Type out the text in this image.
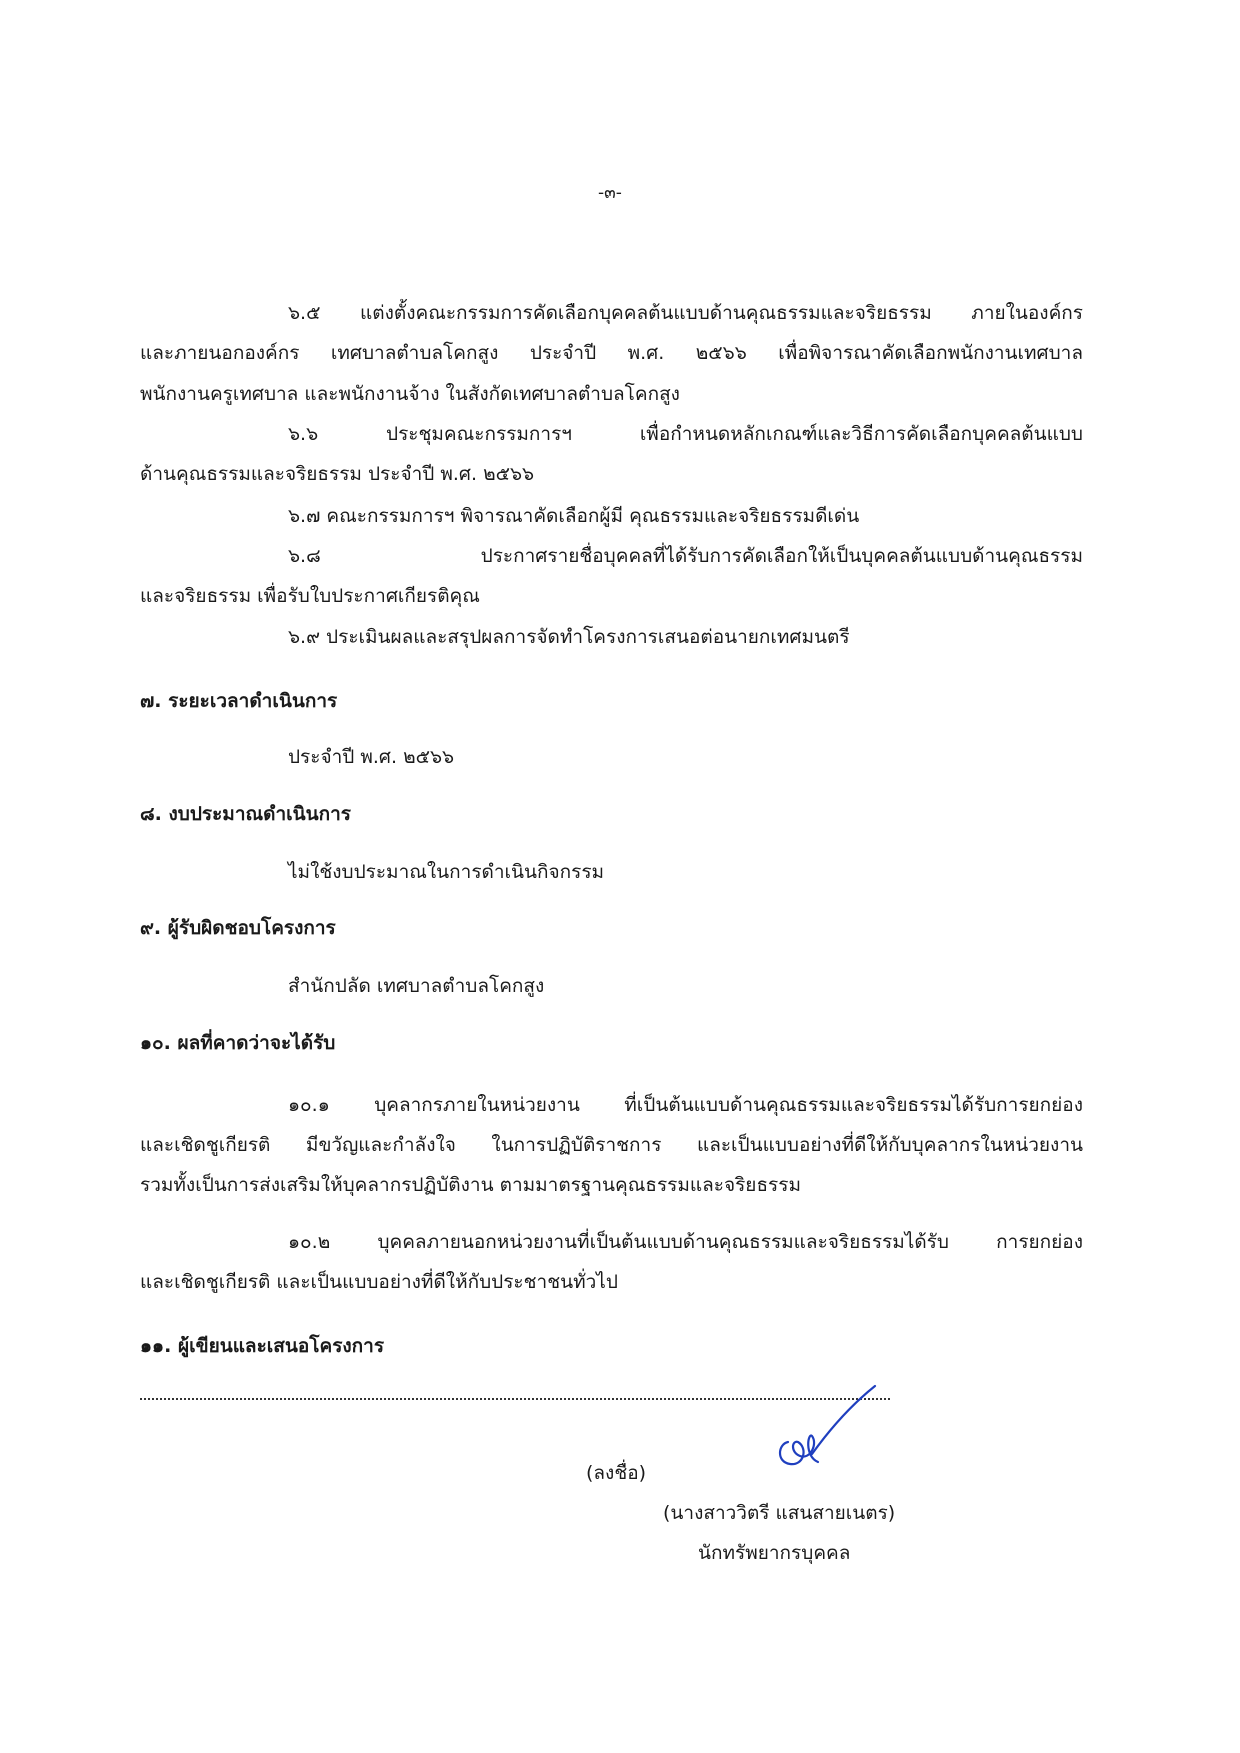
-๓-
๖.๕ แต่งตั้งคณะกรรมการคัดเลือกบุคคลต้นแบบด้านคุณธรรมและจริยธรรม ภายในองค์กร
และภายนอกองค์กร เทศบาลตำบลโคกสูง ประจำปี พ.ศ. ๒๕๖๖ เพื่อพิจารณาคัดเลือกพนักงานเทศบาล
พนักงานครูเทศบาล และพนักงานจ้าง ในสังกัดเทศบาลตำบลโคกสูง
๖.๖ ประชุมคณะกรรมการฯ เพื่อกำหนดหลักเกณฑ์และวิธีการคัดเลือกบุคคลต้นแบบ
ด้านคุณธรรมและจริยธรรม ประจำปี พ.ศ. ๒๕๖๖
๖.๗ คณะกรรมการฯ พิจารณาคัดเลือกผู้มี คุณธรรมและจริยธรรมดีเด่น
๖.๘ ประกาศรายชื่อบุคคลที่ได้รับการคัดเลือกให้เป็นบุคคลต้นแบบด้านคุณธรรม
และจริยธรรม เพื่อรับใบประกาศเกียรติคุณ
๖.๙ ประเมินผลและสรุปผลการจัดทำโครงการเสนอต่อนายกเทศมนตรี
๗. ระยะเวลาดำเนินการ
ประจำปี พ.ศ. ๒๕๖๖
๘. งบประมาณดำเนินการ
ไม่ใช้งบประมาณในการดำเนินกิจกรรม
๙. ผู้รับผิดชอบโครงการ
สำนักปลัด เทศบาลตำบลโคกสูง
๑๐. ผลที่คาดว่าจะได้รับ
๑๐.๑ บุคลากรภายในหน่วยงาน ที่เป็นต้นแบบด้านคุณธรรมและจริยธรรมได้รับการยกย่อง
และเชิดชูเกียรติ มีขวัญและกำลังใจ ในการปฏิบัติราชการ และเป็นแบบอย่างที่ดีให้กับบุคลากรในหน่วยงาน
รวมทั้งเป็นการส่งเสริมให้บุคลากรปฏิบัติงาน ตามมาตรฐานคุณธรรมและจริยธรรม
๑๐.๒ บุคคลภายนอกหน่วยงานที่เป็นต้นแบบด้านคุณธรรมและจริยธรรมได้รับ การยกย่อง
และเชิดชูเกียรติ และเป็นแบบอย่างที่ดีให้กับประชาชนทั่วไป
๑๑. ผู้เขียนและเสนอโครงการ
(ลงชื่อ)
(นางสาววิตรี แสนสายเนตร)
นักทรัพยากรบุคคล
